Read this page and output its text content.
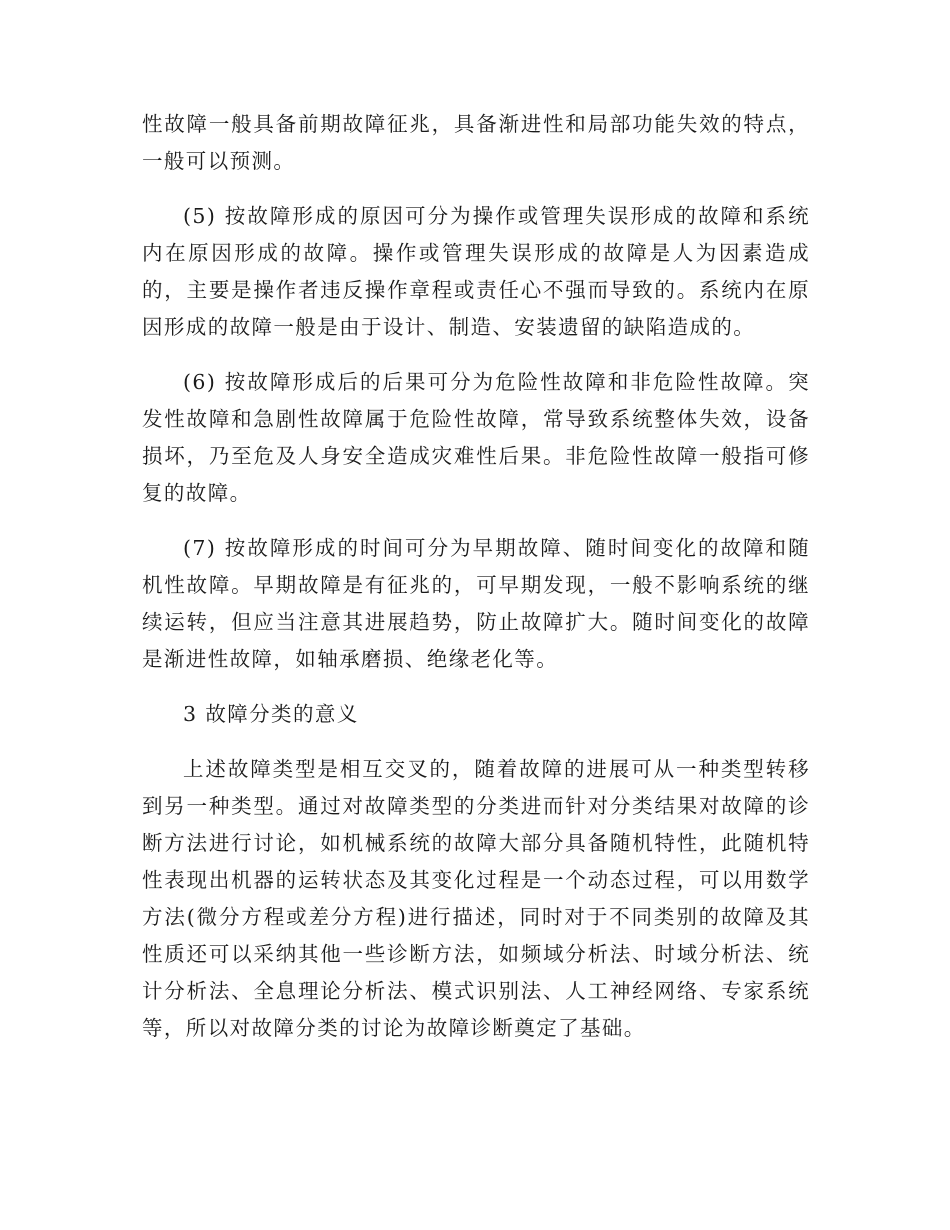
性故障一般具备前期故障征兆，具备渐进性和局部功能失效的特点，一般可以预测。

(5) 按故障形成的原因可分为操作或管理失误形成的故障和系统内在原因形成的故障。操作或管理失误形成的故障是人为因素造成的，主要是操作者违反操作章程或责任心不强而导致的。系统内在原因形成的故障一般是由于设计、制造、安装遗留的缺陷造成的。

(6) 按故障形成后的后果可分为危险性故障和非危险性故障。突发性故障和急剧性故障属于危险性故障，常导致系统整体失效，设备损坏，乃至危及人身安全造成灾难性后果。非危险性故障一般指可修复的故障。

(7) 按故障形成的时间可分为早期故障、随时间变化的故障和随机性故障。早期故障是有征兆的，可早期发现，一般不影响系统的继续运转，但应当注意其进展趋势，防止故障扩大。随时间变化的故障是渐进性故障，如轴承磨损、绝缘老化等。

3 故障分类的意义

上述故障类型是相互交叉的，随着故障的进展可从一种类型转移到另一种类型。通过对故障类型的分类进而针对分类结果对故障的诊断方法进行讨论，如机械系统的故障大部分具备随机特性，此随机特性表现出机器的运转状态及其变化过程是一个动态过程，可以用数学方法(微分方程或差分方程)进行描述，同时对于不同类别的故障及其性质还可以采纳其他一些诊断方法，如频域分析法、时域分析法、统计分析法、全息理论分析法、模式识别法、人工神经网络、专家系统等，所以对故障分类的讨论为故障诊断奠定了基础。
